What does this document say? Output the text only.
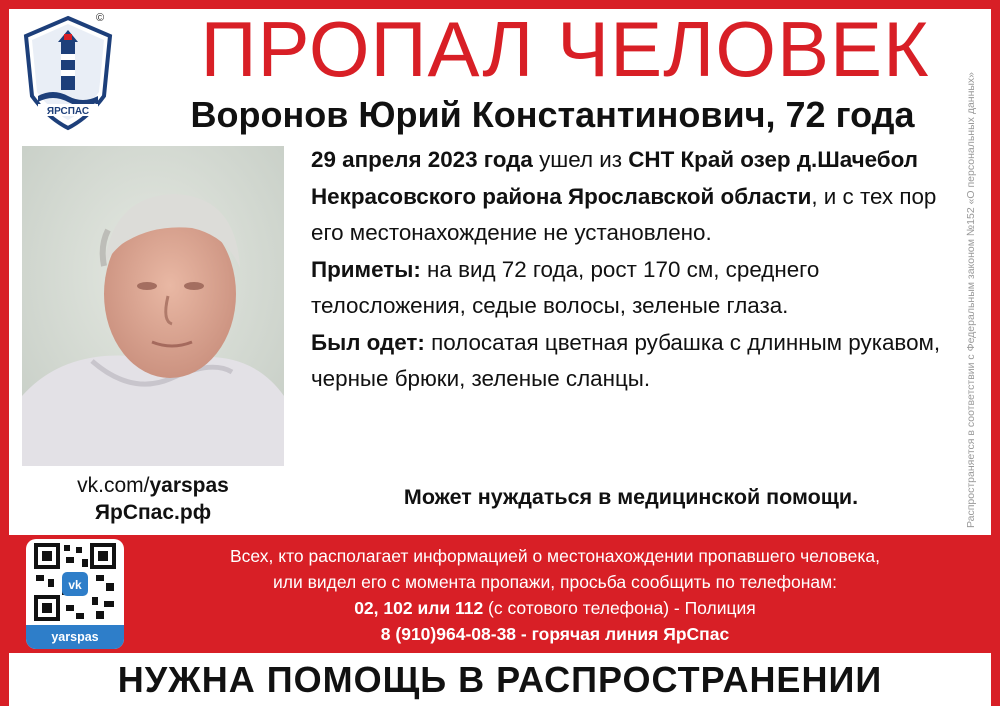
ЯРСПАС
©	ПРОПАЛ ЧЕЛОВЕК
Воронов Юрий Константинович, 72 года
vk.com/yarspas
ЯрСпас.рф

29 апреля 2023 года ушел из СНТ Край озер д.Шачебол Некрасовского района Ярославской области, и с тех пор его местонахождение не установлено.

Приметы: на вид 72 года, рост 170 см, среднего телосложения, седые волосы, зеленые глаза.

Был одет: полосатая цветная рубашка с длинным рукавом, черные брюки, зеленые сланцы.

Может нуждаться в медицинской помощи.	Распространяется в соответствии с Федеральным законом №152 «О персональных данных»
vk
yarspas

Всех, кто располагает информацией о местонахождении пропавшего человека,

или видел его с момента пропажи, просьба сообщить по телефонам:

02, 102 или 112 (с сотового телефона) - Полиция

8 (910)964-08-38 - горячая линия ЯрСпас

НУЖНА ПОМОЩЬ В РАСПРОСТРАНЕНИИ
